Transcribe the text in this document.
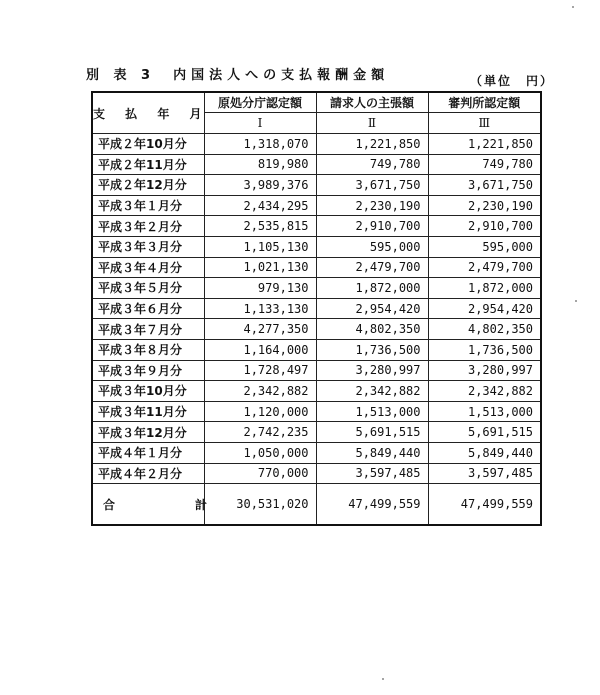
別 表 3　内国法人への支払報酬金額	（単位　円）
支 払 年 月	原処分庁認定額	請求人の主張額	審判所認定額
	Ⅰ	Ⅱ	Ⅲ
平成２年10月分	1,318,070	1,221,850	1,221,850
平成２年11月分	819,980	749,780	749,780
平成２年12月分	3,989,376	3,671,750	3,671,750
平成３年１月分	2,434,295	2,230,190	2,230,190
平成３年２月分	2,535,815	2,910,700	2,910,700
平成３年３月分	1,105,130	595,000	595,000
平成３年４月分	1,021,130	2,479,700	2,479,700
平成３年５月分	979,130	1,872,000	1,872,000
平成３年６月分	1,133,130	2,954,420	2,954,420
平成３年７月分	4,277,350	4,802,350	4,802,350
平成３年８月分	1,164,000	1,736,500	1,736,500
平成３年９月分	1,728,497	3,280,997	3,280,997
平成３年10月分	2,342,882	2,342,882	2,342,882
平成３年11月分	1,120,000	1,513,000	1,513,000
平成３年12月分	2,742,235	5,691,515	5,691,515
平成４年１月分	1,050,000	5,849,440	5,849,440
平成４年２月分	770,000	3,597,485	3,597,485
合　計	30,531,020	47,499,559	47,499,559
